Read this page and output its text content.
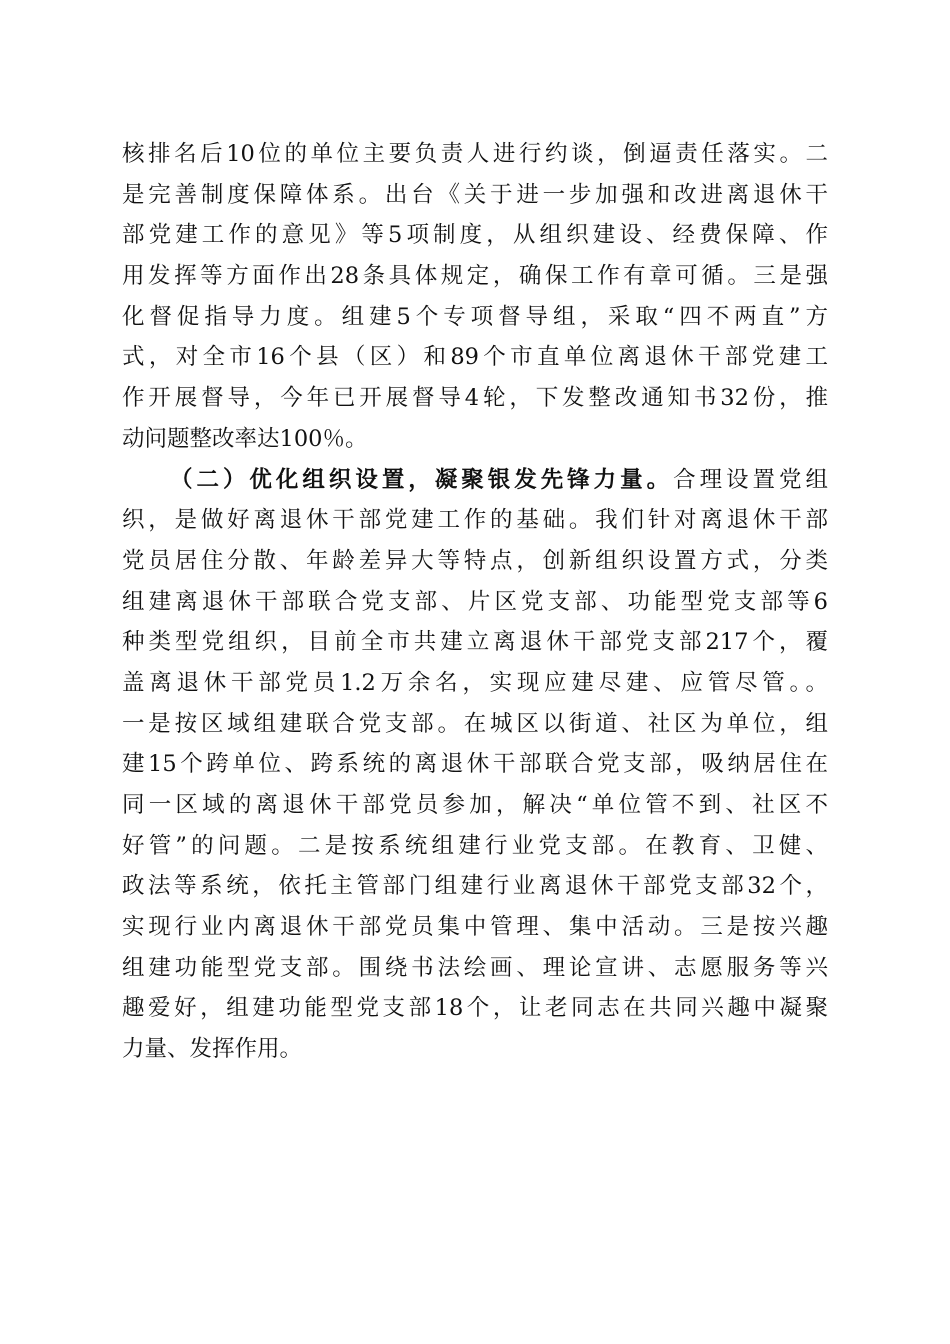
核排名后10位的单位主要负责人进行约谈，倒逼责任落实。二
是完善制度保障体系。出台《关于进一步加强和改进离退休干
部党建工作的意见》等5项制度，从组织建设、经费保障、作
用发挥等方面作出28条具体规定，确保工作有章可循。三是强
化督促指导力度。组建5个专项督导组，采取“四不两直”方
式，对全市16个县（区）和89个市直单位离退休干部党建工
作开展督导，今年已开展督导4轮，下发整改通知书32份，推
动问题整改率达100％。
（二）优化组织设置，凝聚银发先锋力量。合理设置党组
织，是做好离退休干部党建工作的基础。我们针对离退休干部
党员居住分散、年龄差异大等特点，创新组织设置方式，分类
组建离退休干部联合党支部、片区党支部、功能型党支部等6
种类型党组织，目前全市共建立离退休干部党支部217个，覆
盖离退休干部党员1.2万余名，实现应建尽建、应管尽管。。
一是按区域组建联合党支部。在城区以街道、社区为单位，组
建15个跨单位、跨系统的离退休干部联合党支部，吸纳居住在
同一区域的离退休干部党员参加，解决“单位管不到、社区不
好管”的问题。二是按系统组建行业党支部。在教育、卫健、
政法等系统，依托主管部门组建行业离退休干部党支部32个，
实现行业内离退休干部党员集中管理、集中活动。三是按兴趣
组建功能型党支部。围绕书法绘画、理论宣讲、志愿服务等兴
趣爱好，组建功能型党支部18个，让老同志在共同兴趣中凝聚
力量、发挥作用。
